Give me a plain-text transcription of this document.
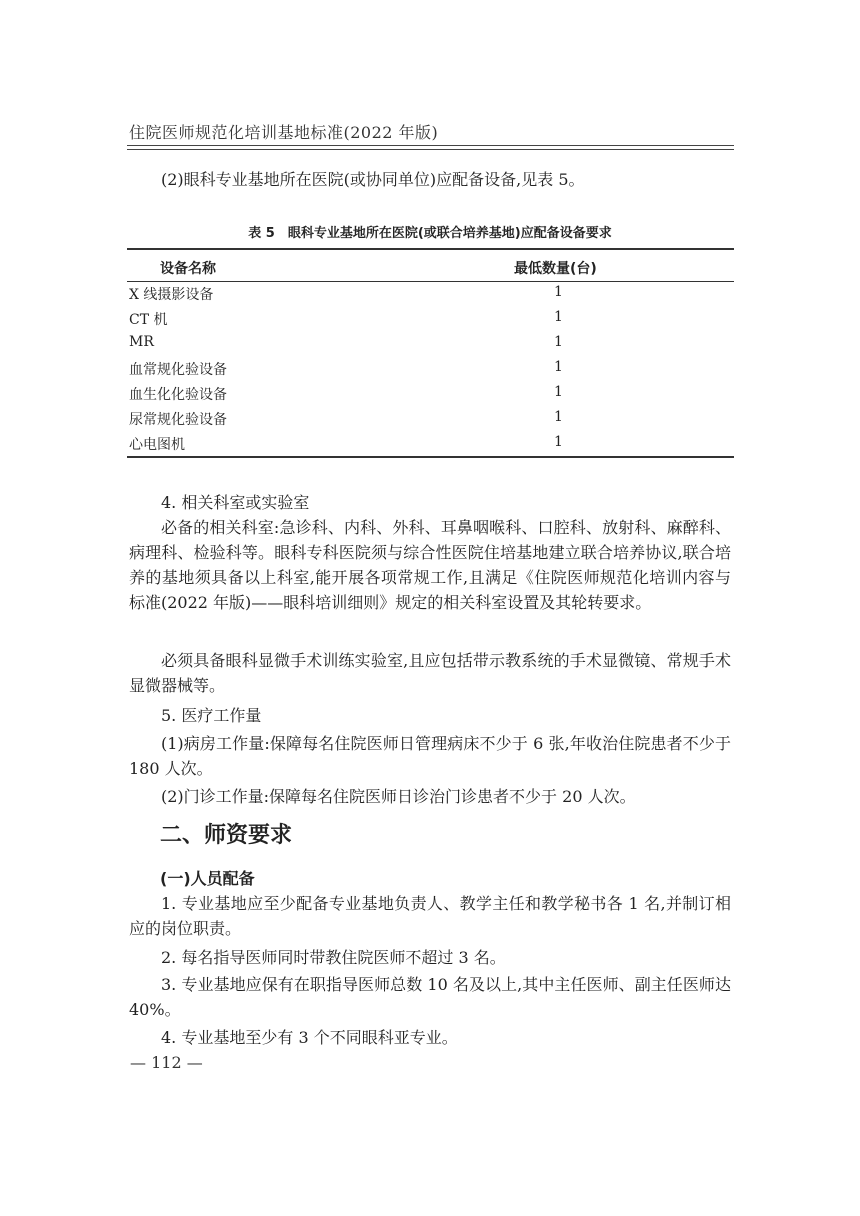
住院医师规范化培训基地标准(2022 年版)

(2)眼科专业基地所在医院(或协同单位)应配备设备,见表 5。

表 5　眼科专业基地所在医院(或联合培养基地)应配备设备要求
设备名称	最低数量(台)
X 线摄影设备	1
CT 机	1
MR	1
血常规化验设备	1
血生化化验设备	1
尿常规化验设备	1
心电图机	1

4. 相关科室或实验室

必备的相关科室:急诊科、内科、外科、耳鼻咽喉科、口腔科、放射科、麻醉科、病理科、检验科等。眼科专科医院须与综合性医院住培基地建立联合培养协议,联合培养的基地须具备以上科室,能开展各项常规工作,且满足《住院医师规范化培训内容与标准(2022 年版)——眼科培训细则》规定的相关科室设置及其轮转要求。

必须具备眼科显微手术训练实验室,且应包括带示教系统的手术显微镜、常规手术显微器械等。

5. 医疗工作量

(1)病房工作量:保障每名住院医师日管理病床不少于 6 张,年收治住院患者不少于 180 人次。

(2)门诊工作量:保障每名住院医师日诊治门诊患者不少于 20 人次。

二、师资要求
(一)人员配备

1. 专业基地应至少配备专业基地负责人、教学主任和教学秘书各 1 名,并制订相应的岗位职责。

2. 每名指导医师同时带教住院医师不超过 3 名。

3. 专业基地应保有在职指导医师总数 10 名及以上,其中主任医师、副主任医师达 40%。

4. 专业基地至少有 3 个不同眼科亚专业。

— 112 —
